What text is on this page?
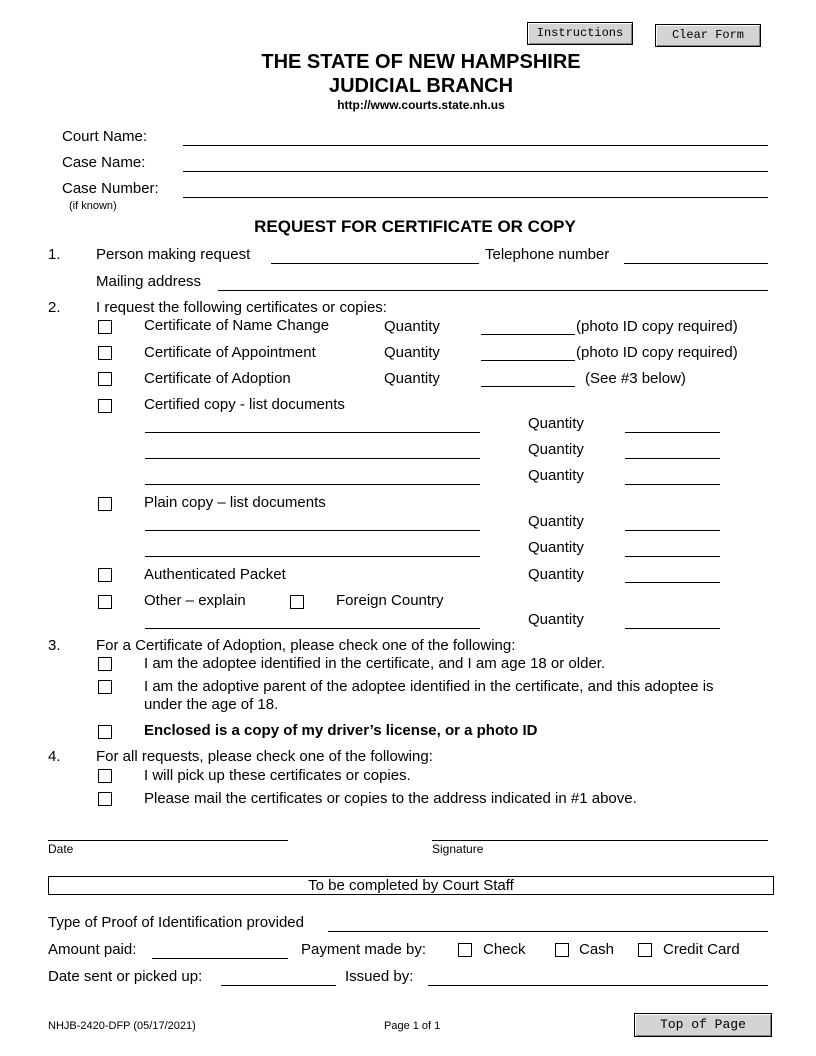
Instructions	Clear Form
THE STATE OF NEW HAMPSHIRE
JUDICIAL BRANCH
http://www.courts.state.nh.us
Court Name:
Case Name:
Case Number:
(if known)
REQUEST FOR CERTIFICATE OR COPY
1. Person making request	Telephone number
Mailing address
2. I request the following certificates or copies:
Certificate of Name Change	Quantity	(photo ID copy required)
Certificate of Appointment	Quantity	(photo ID copy required)
Certificate of Adoption	Quantity	(See #3 below)
Certified copy - list documents
Quantity
Quantity
Quantity
Plain copy – list documents
Quantity
Quantity
Authenticated Packet	Quantity
Other – explain	Foreign Country
Quantity
3. For a Certificate of Adoption, please check one of the following:
I am the adoptee identified in the certificate, and I am age 18 or older.
I am the adoptive parent of the adoptee identified in the certificate, and this adoptee is
under the age of 18.
Enclosed is a copy of my driver’s license, or a photo ID
4. For all requests, please check one of the following:
I will pick up these certificates or copies.
Please mail the certificates or copies to the address indicated in #1 above.
Date	Signature
To be completed by Court Staff
Type of Proof of Identification provided
Amount paid:	Payment made by:	Check	Cash	Credit Card
Date sent or picked up:	Issued by:
NHJB-2420-DFP (05/17/2021)	Page 1 of 1	Top of Page
